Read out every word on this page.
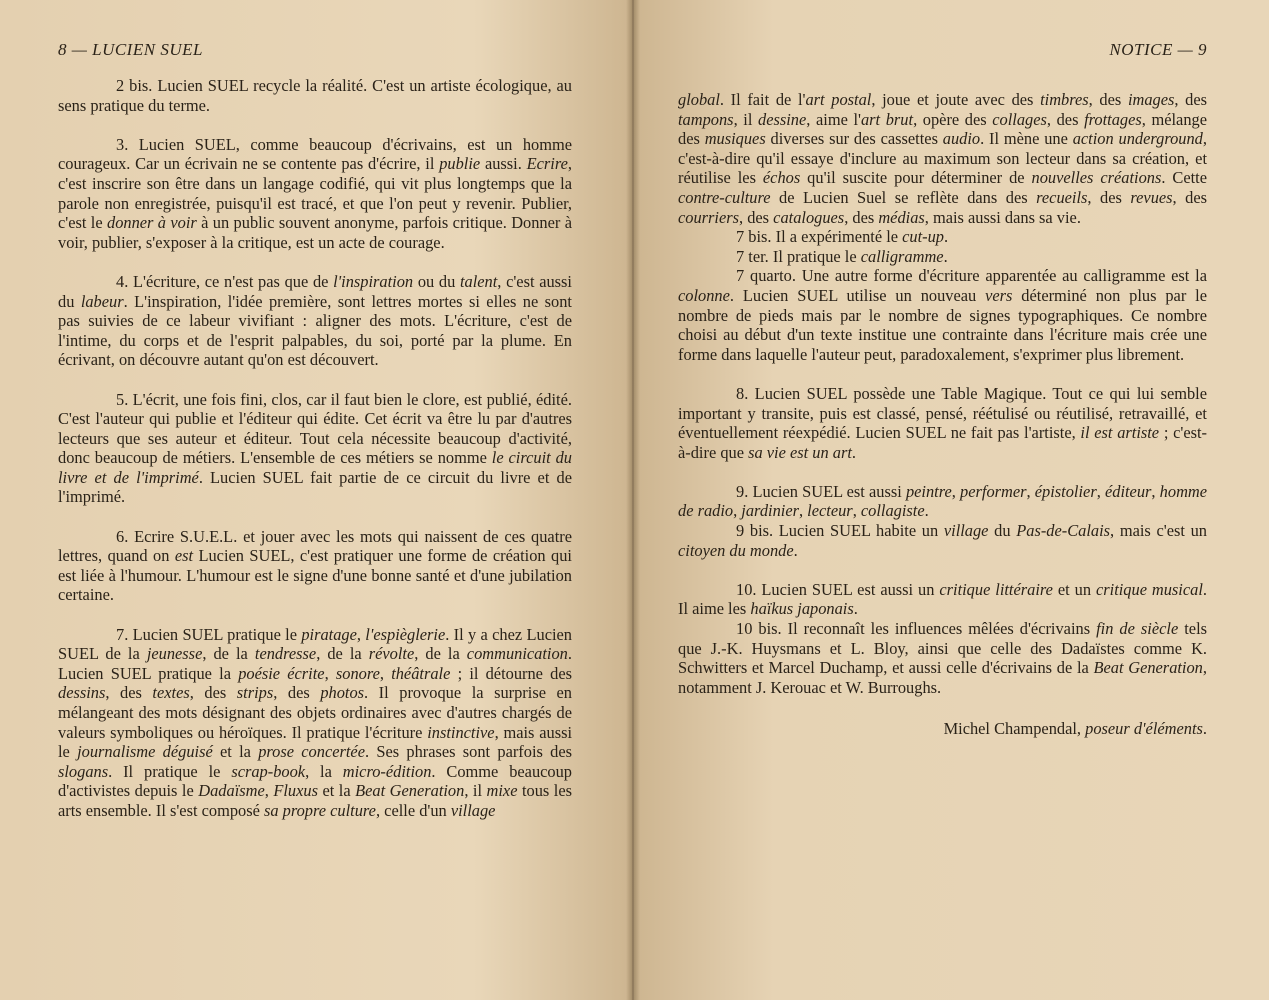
8 — LUCIEN SUEL

2 bis. Lucien SUEL recycle la réalité. C'est un artiste écologique, au sens pratique du terme.

3. Lucien SUEL, comme beaucoup d'écrivains, est un homme courageux. Car un écrivain ne se contente pas d'écrire, il publie aussi. Ecrire, c'est inscrire son être dans un langage codifié, qui vit plus longtemps que la parole non enregistrée, puisqu'il est tracé, et que l'on peut y revenir. Publier, c'est le donner à voir à un public souvent anonyme, parfois critique. Donner à voir, publier, s'exposer à la critique, est un acte de courage.

4. L'écriture, ce n'est pas que de l'inspiration ou du talent, c'est aussi du labeur. L'inspiration, l'idée première, sont lettres mortes si elles ne sont pas suivies de ce labeur vivifiant : aligner des mots. L'écriture, c'est de l'intime, du corps et de l'esprit palpables, du soi, porté par la plume. En écrivant, on découvre autant qu'on est découvert.

5. L'écrit, une fois fini, clos, car il faut bien le clore, est publié, édité. C'est l'auteur qui publie et l'éditeur qui édite. Cet écrit va être lu par d'autres lecteurs que ses auteur et éditeur. Tout cela nécessite beaucoup d'activité, donc beaucoup de métiers. L'ensemble de ces métiers se nomme le circuit du livre et de l'imprimé. Lucien SUEL fait partie de ce circuit du livre et de l'imprimé.

6. Ecrire S.U.E.L. et jouer avec les mots qui naissent de ces quatre lettres, quand on est Lucien SUEL, c'est pratiquer une forme de création qui est liée à l'humour. L'humour est le signe d'une bonne santé et d'une jubilation certaine.

7. Lucien SUEL pratique le piratage, l'espièglerie. Il y a chez Lucien SUEL de la jeunesse, de la tendresse, de la révolte, de la communication. Lucien SUEL pratique la poésie écrite, sonore, théâtrale ; il détourne des dessins, des textes, des strips, des photos. Il provoque la surprise en mélangeant des mots désignant des objets ordinaires avec d'autres chargés de valeurs symboliques ou héroïques. Il pratique l'écriture instinctive, mais aussi le journalisme déguisé et la prose concertée. Ses phrases sont parfois des slogans. Il pratique le scrap-book, la micro-édition. Comme beaucoup d'activistes depuis le Dadaïsme, Fluxus et la Beat Generation, il mixe tous les arts ensemble. Il s'est composé sa propre culture, celle d'un village

NOTICE — 9

global. Il fait de l'art postal, joue et joute avec des timbres, des images, des tampons, il dessine, aime l'art brut, opère des collages, des frottages, mélange des musiques diverses sur des cassettes audio. Il mène une action underground, c'est-à-dire qu'il essaye d'inclure au maximum son lecteur dans sa création, et réutilise les échos qu'il suscite pour déterminer de nouvelles créations. Cette contre-culture de Lucien Suel se reflète dans des recueils, des revues, des courriers, des catalogues, des médias, mais aussi dans sa vie.

7 bis. Il a expérimenté le cut-up.

7 ter. Il pratique le calligramme.

7 quarto. Une autre forme d'écriture apparentée au calligramme est la colonne. Lucien SUEL utilise un nouveau vers déterminé non plus par le nombre de pieds mais par le nombre de signes typographiques. Ce nombre choisi au début d'un texte institue une contrainte dans l'écriture mais crée une forme dans laquelle l'auteur peut, paradoxalement, s'exprimer plus librement.

8. Lucien SUEL possède une Table Magique. Tout ce qui lui semble important y transite, puis est classé, pensé, réétulisé ou réutilisé, retravaillé, et éventuellement réexpédié. Lucien SUEL ne fait pas l'artiste, il est artiste ; c'est-à-dire que sa vie est un art.

9. Lucien SUEL est aussi peintre, performer, épistolier, éditeur, homme de radio, jardinier, lecteur, collagiste.

9 bis. Lucien SUEL habite un village du Pas-de-Calais, mais c'est un citoyen du monde.

10. Lucien SUEL est aussi un critique littéraire et un critique musical. Il aime les haïkus japonais.

10 bis. Il reconnaît les influences mêlées d'écrivains fin de siècle tels que J.-K. Huysmans et L. Bloy, ainsi que celle des Dadaïstes comme K. Schwitters et Marcel Duchamp, et aussi celle d'écrivains de la Beat Generation, notamment J. Kerouac et W. Burroughs.

Michel Champendal, poseur d'éléments.
